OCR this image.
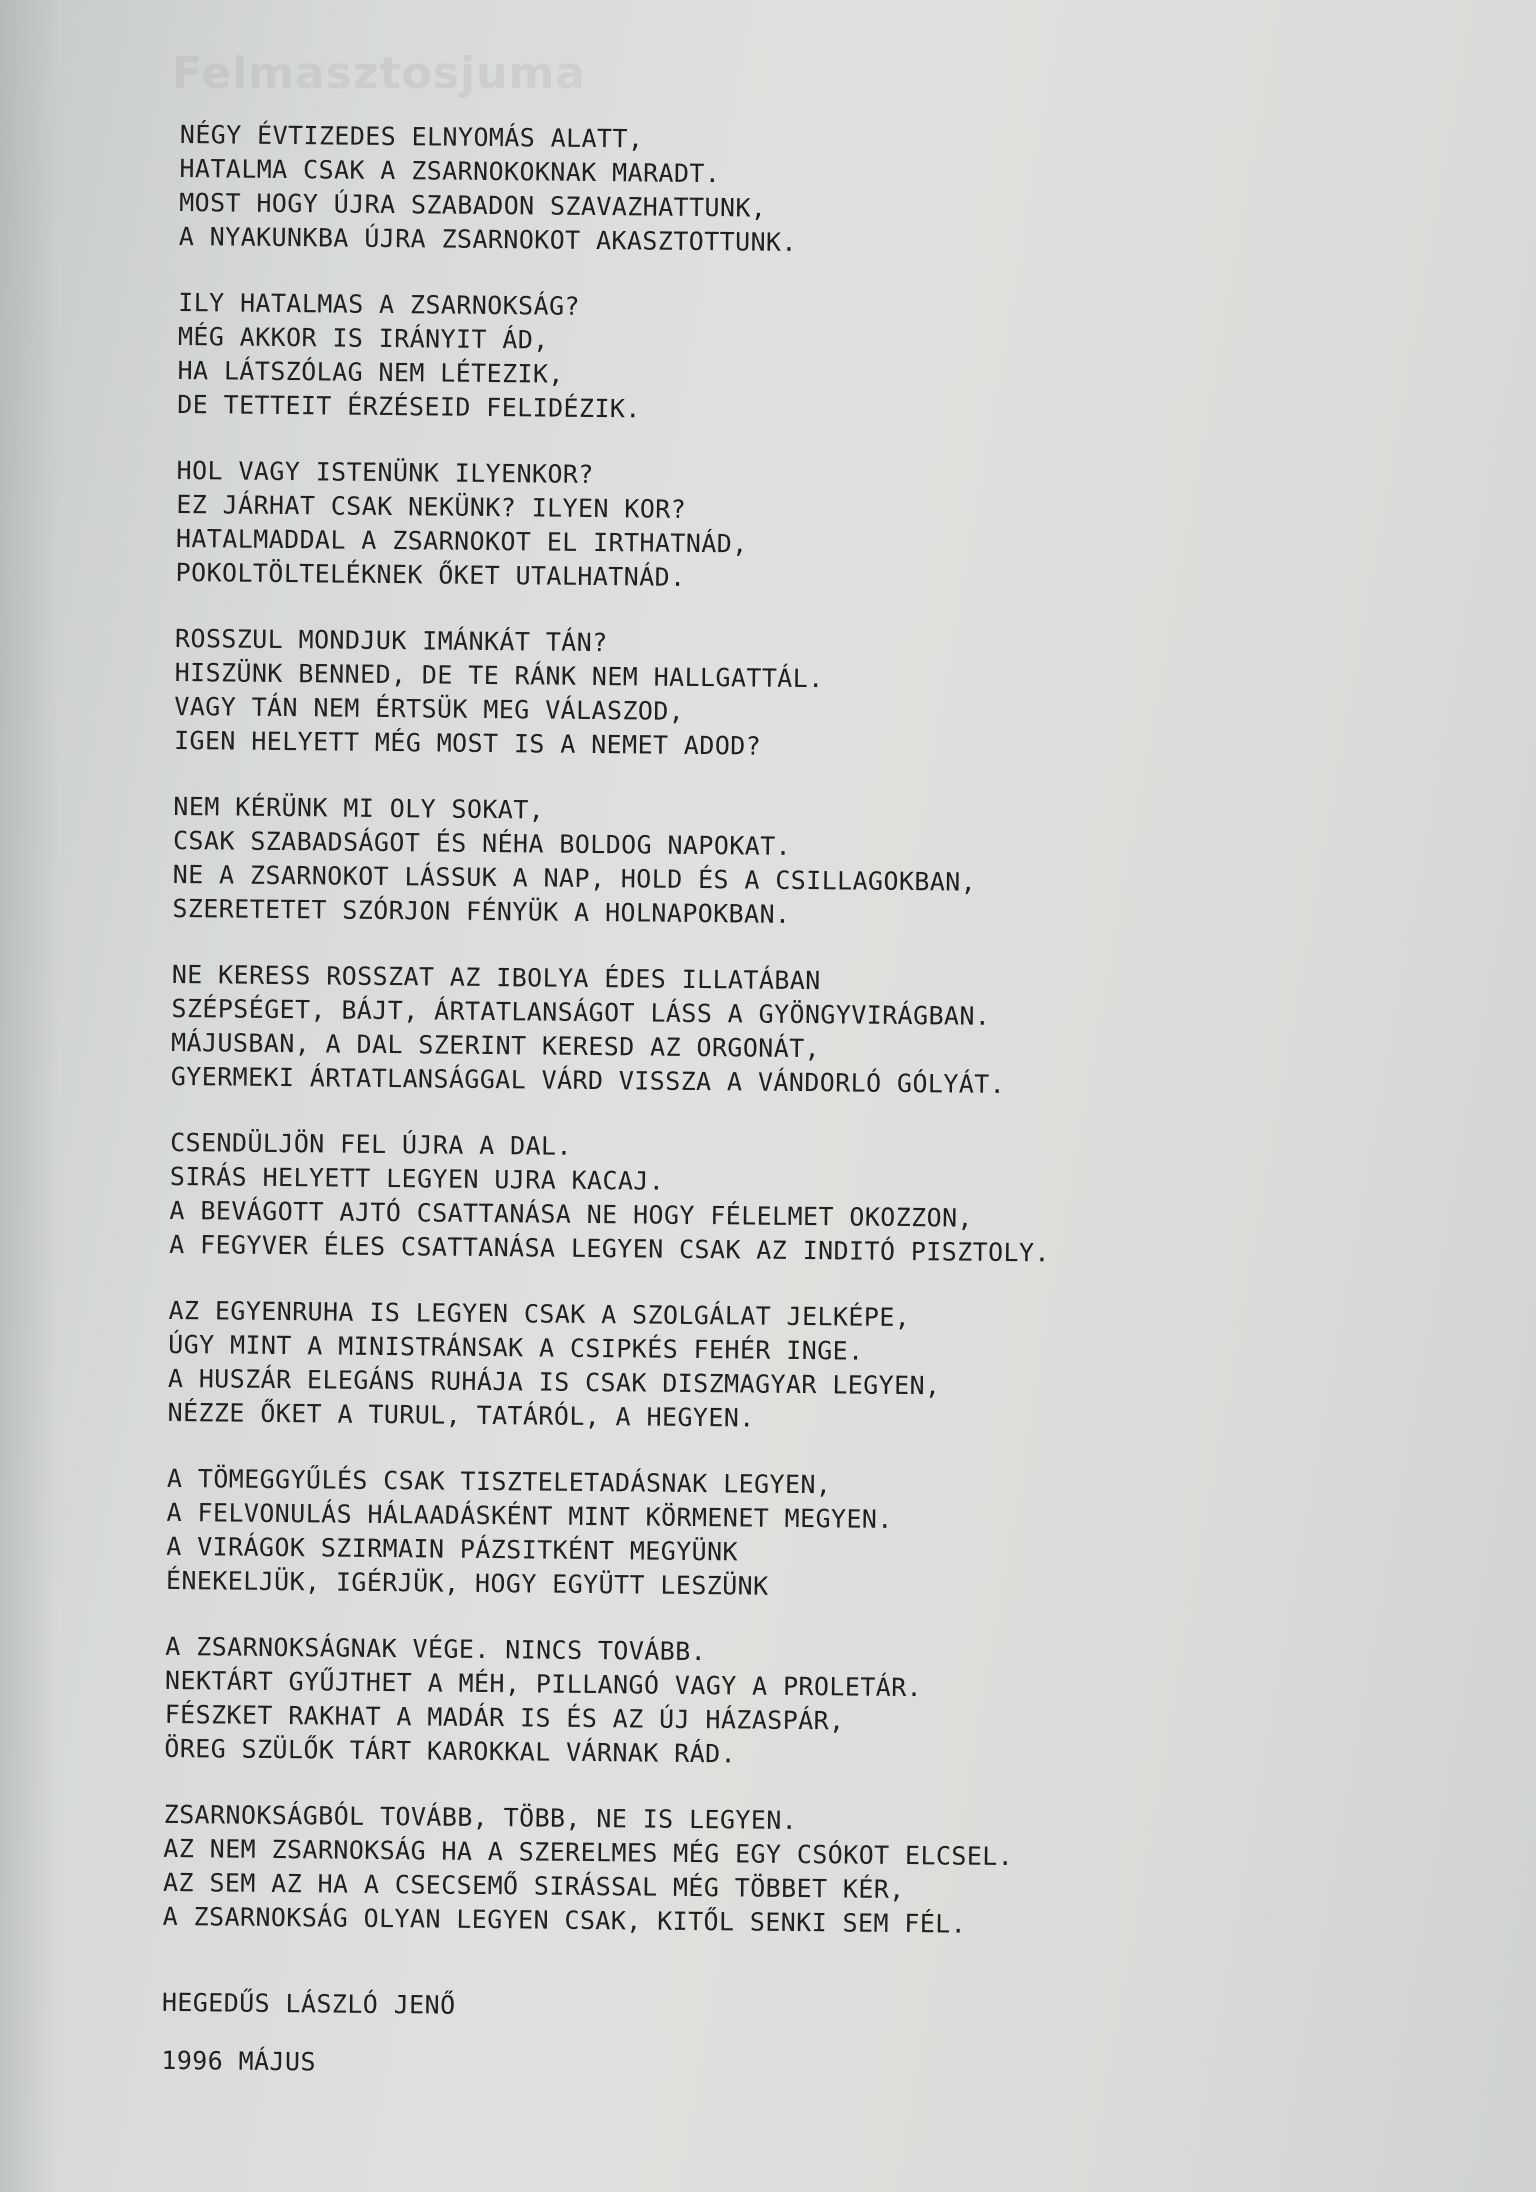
Felmasztosjuma
NÉGY ÉVTIZEDES ELNYOMÁS ALATT,
HATALMA CSAK A ZSARNOKOKNAK MARADT.
MOST HOGY ÚJRA SZABADON SZAVAZHATTUNK,
A NYAKUNKBA ÚJRA ZSARNOKOT AKASZTOTTUNK.
ILY HATALMAS A ZSARNOKSÁG?
MÉG AKKOR IS IRÁNYIT ÁD,
HA LÁTSZÓLAG NEM LÉTEZIK,
DE TETTEIT ÉRZÉSEID FELIDÉZIK.
HOL VAGY ISTENÜNK ILYENKOR?
EZ JÁRHAT CSAK NEKÜNK? ILYEN KOR?
HATALMADDAL A ZSARNOKOT EL IRTHATNÁD,
POKOLTÖLTELÉKNEK ŐKET UTALHATNÁD.
ROSSZUL MONDJUK IMÁNKÁT TÁN?
HISZÜNK BENNED, DE TE RÁNK NEM HALLGATTÁL.
VAGY TÁN NEM ÉRTSÜK MEG VÁLASZOD,
IGEN HELYETT MÉG MOST IS A NEMET ADOD?
NEM KÉRÜNK MI OLY SOKAT,
CSAK SZABADSÁGOT ÉS NÉHA BOLDOG NAPOKAT.
NE A ZSARNOKOT LÁSSUK A NAP, HOLD ÉS A CSILLAGOKBAN,
SZERETETET SZÓRJON FÉNYÜK A HOLNAPOKBAN.
NE KERESS ROSSZAT AZ IBOLYA ÉDES ILLATÁBAN
SZÉPSÉGET, BÁJT, ÁRTATLANSÁGOT LÁSS A GYÖNGYVIRÁGBAN.
MÁJUSBAN, A DAL SZERINT KERESD AZ ORGONÁT,
GYERMEKI ÁRTATLANSÁGGAL VÁRD VISSZA A VÁNDORLÓ GÓLYÁT.
CSENDÜLJÖN FEL ÚJRA A DAL.
SIRÁS HELYETT LEGYEN UJRA KACAJ.
A BEVÁGOTT AJTÓ CSATTANÁSA NE HOGY FÉLELMET OKOZZON,
A FEGYVER ÉLES CSATTANÁSA LEGYEN CSAK AZ INDITÓ PISZTOLY.
AZ EGYENRUHA IS LEGYEN CSAK A SZOLGÁLAT JELKÉPE,
ÚGY MINT A MINISTRÁNSAK A CSIPKÉS FEHÉR INGE.
A HUSZÁR ELEGÁNS RUHÁJA IS CSAK DISZMAGYAR LEGYEN,
NÉZZE ŐKET A TURUL, TATÁRÓL, A HEGYEN.
A TÖMEGGYŰLÉS CSAK TISZTELETADÁSNAK LEGYEN,
A FELVONULÁS HÁLAADÁSKÉNT MINT KÖRMENET MEGYEN.
A VIRÁGOK SZIRMAIN PÁZSITKÉNT MEGYÜNK
ÉNEKELJÜK, IGÉRJÜK, HOGY EGYÜTT LESZÜNK
A ZSARNOKSÁGNAK VÉGE. NINCS TOVÁBB.
NEKTÁRT GYŰJTHET A MÉH, PILLANGÓ VAGY A PROLETÁR.
FÉSZKET RAKHAT A MADÁR IS ÉS AZ ÚJ HÁZASPÁR,
ÖREG SZÜLŐK TÁRT KAROKKAL VÁRNAK RÁD.
ZSARNOKSÁGBÓL TOVÁBB, TÖBB, NE IS LEGYEN.
AZ NEM ZSARNOKSÁG HA A SZERELMES MÉG EGY CSÓKOT ELCSEL.
AZ SEM AZ HA A CSECSEMŐ SIRÁSSAL MÉG TÖBBET KÉR,
A ZSARNOKSÁG OLYAN LEGYEN CSAK, KITŐL SENKI SEM FÉL.
HEGEDŰS LÁSZLÓ JENŐ
1996 MÁJUS
